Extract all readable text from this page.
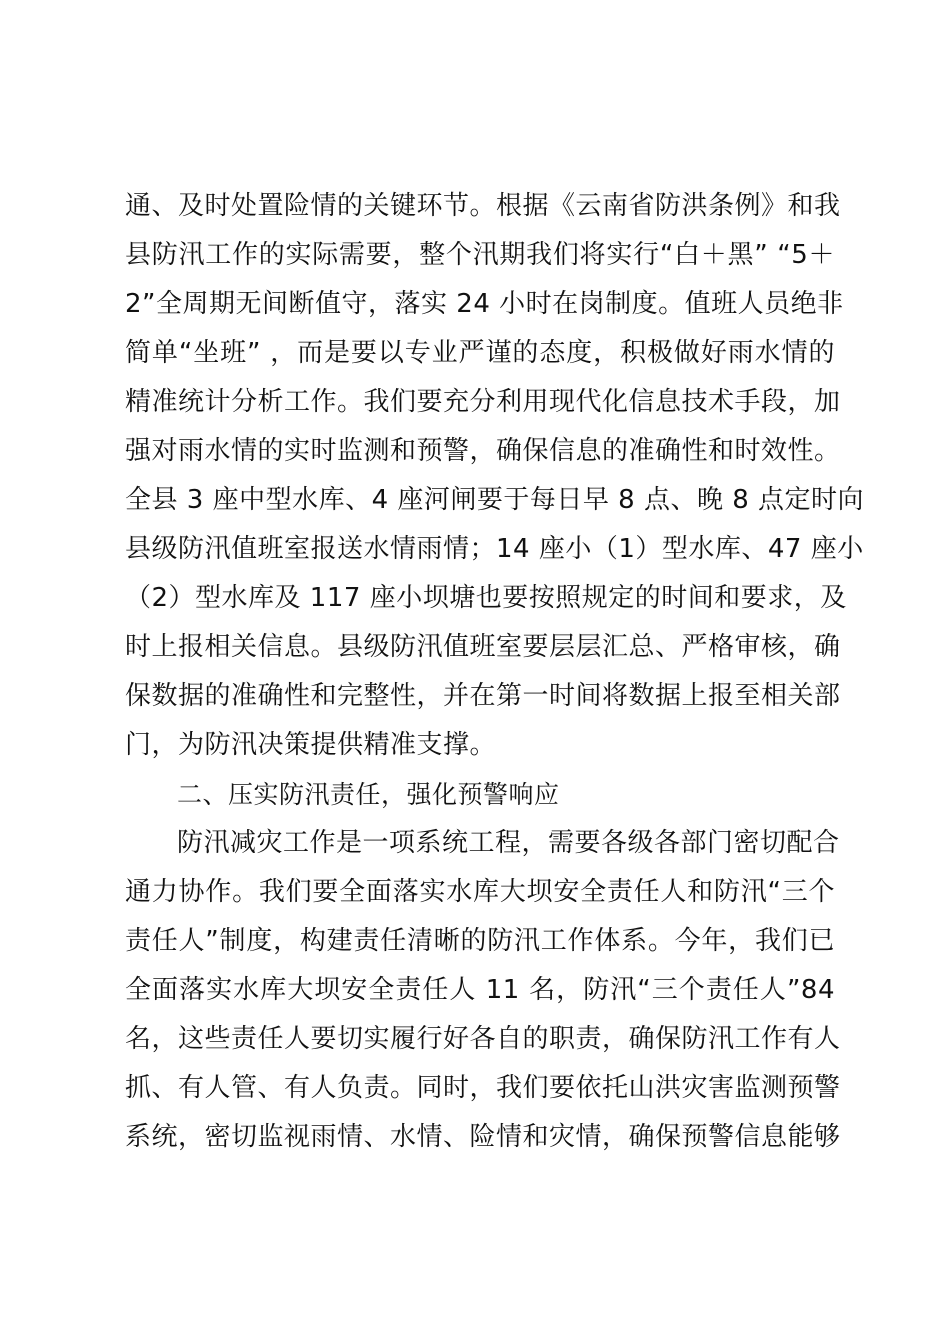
通、及时处置险情的关键环节。根据《云南省防洪条例》和我
县防汛工作的实际需要，整个汛期我们将实行“白＋黑” “5＋
2”全周期无间断值守，落实 24 小时在岗制度。值班人员绝非
简单“坐班” ，而是要以专业严谨的态度，积极做好雨水情的
精准统计分析工作。我们要充分利用现代化信息技术手段，加
强对雨水情的实时监测和预警，确保信息的准确性和时效性。
全县 3 座中型水库、4 座河闸要于每日早 8 点、晚 8 点定时向
县级防汛值班室报送水情雨情；14 座小（1）型水库、47 座小
（2）型水库及 117 座小坝塘也要按照规定的时间和要求，及
时上报相关信息。县级防汛值班室要层层汇总、严格审核，确
保数据的准确性和完整性，并在第一时间将数据上报至相关部
门，为防汛决策提供精准支撑。
二、压实防汛责任，强化预警响应
防汛减灾工作是一项系统工程，需要各级各部门密切配合
通力协作。我们要全面落实水库大坝安全责任人和防汛“三个
责任人”制度，构建责任清晰的防汛工作体系。今年，我们已
全面落实水库大坝安全责任人 11 名，防汛“三个责任人”84
名，这些责任人要切实履行好各自的职责，确保防汛工作有人
抓、有人管、有人负责。同时，我们要依托山洪灾害监测预警
系统，密切监视雨情、水情、险情和灾情，确保预警信息能够
